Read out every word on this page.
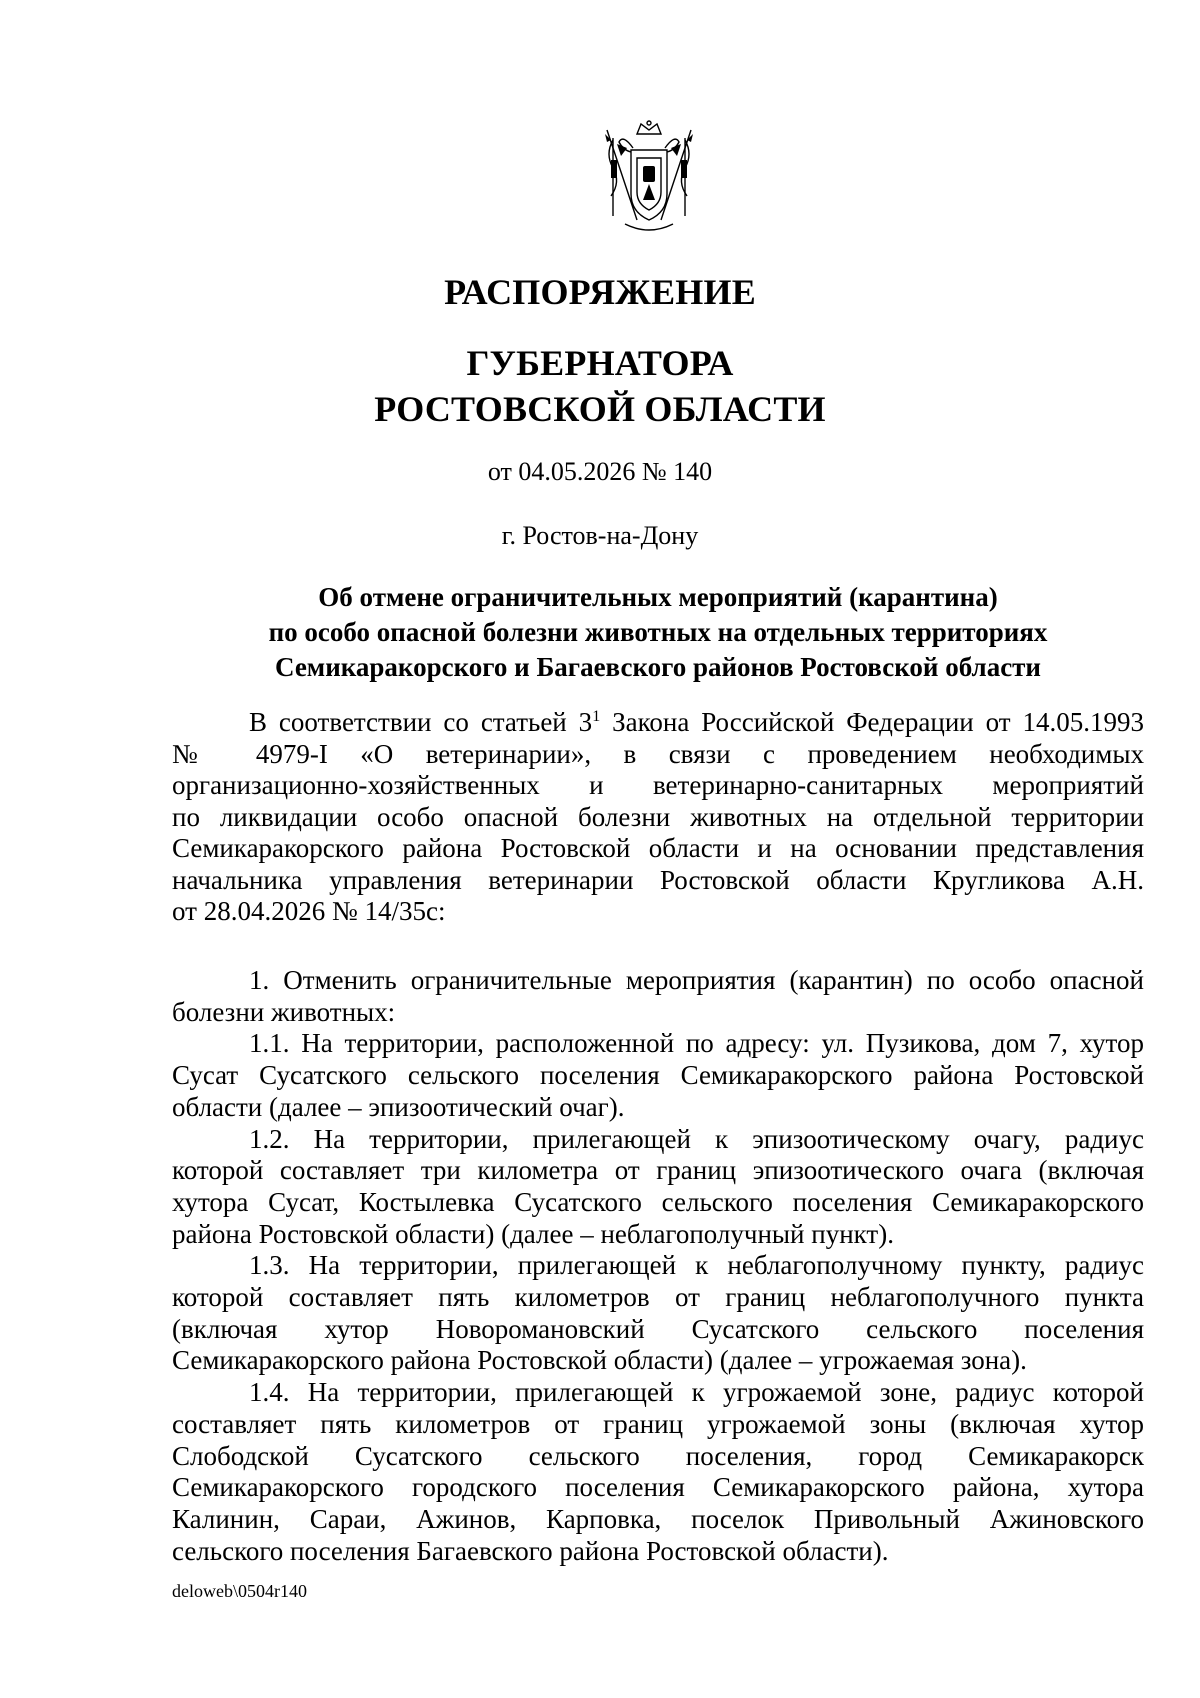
РАСПОРЯЖЕНИЕ
ГУБЕРНАТОРА
РОСТОВСКОЙ ОБЛАСТИ
от 04.05.2026 № 140
г. Ростов-на-Дону
Об отмене ограничительных мероприятий (карантина)
по особо опасной болезни животных на отдельных территориях
Семикаракорского и Багаевского районов Ростовской области
В соответствии со статьей $3^1$ Закона Российской Федерации от 14.05.1993
№ 4979-I «О ветеринарии», в связи с проведением необходимых
организационно-хозяйственных и ветеринарно-санитарных мероприятий
по ликвидации особо опасной болезни животных на отдельной территории
Семикаракорского района Ростовской области и на основании представления
начальника управления ветеринарии Ростовской области Кругликова А.Н.
от 28.04.2026 № 14/35с:
1. Отменить ограничительные мероприятия (карантин) по особо опасной
болезни животных:
1.1. На территории, расположенной по адресу: ул. Пузикова, дом 7, хутор
Сусат Сусатского сельского поселения Семикаракорского района Ростовской
области (далее – эпизоотический очаг).
1.2. На территории, прилегающей к эпизоотическому очагу, радиус
которой составляет три километра от границ эпизоотического очага (включая
хутора Сусат, Костылевка Сусатского сельского поселения Семикаракорского
района Ростовской области) (далее – неблагополучный пункт).
1.3. На территории, прилегающей к неблагополучному пункту, радиус
которой составляет пять километров от границ неблагополучного пункта
(включая хутор Новоромановский Сусатского сельского поселения
Семикаракорского района Ростовской области) (далее – угрожаемая зона).
1.4. На территории, прилегающей к угрожаемой зоне, радиус которой
составляет пять километров от границ угрожаемой зоны (включая хутор
Слободской Сусатского сельского поселения, город Семикаракорск
Семикаракорского городского поселения Семикаракорского района, хутора
Калинин, Сараи, Ажинов, Карповка, поселок Привольный Ажиновского
сельского поселения Багаевского района Ростовской области).
deloweb\0504r140
